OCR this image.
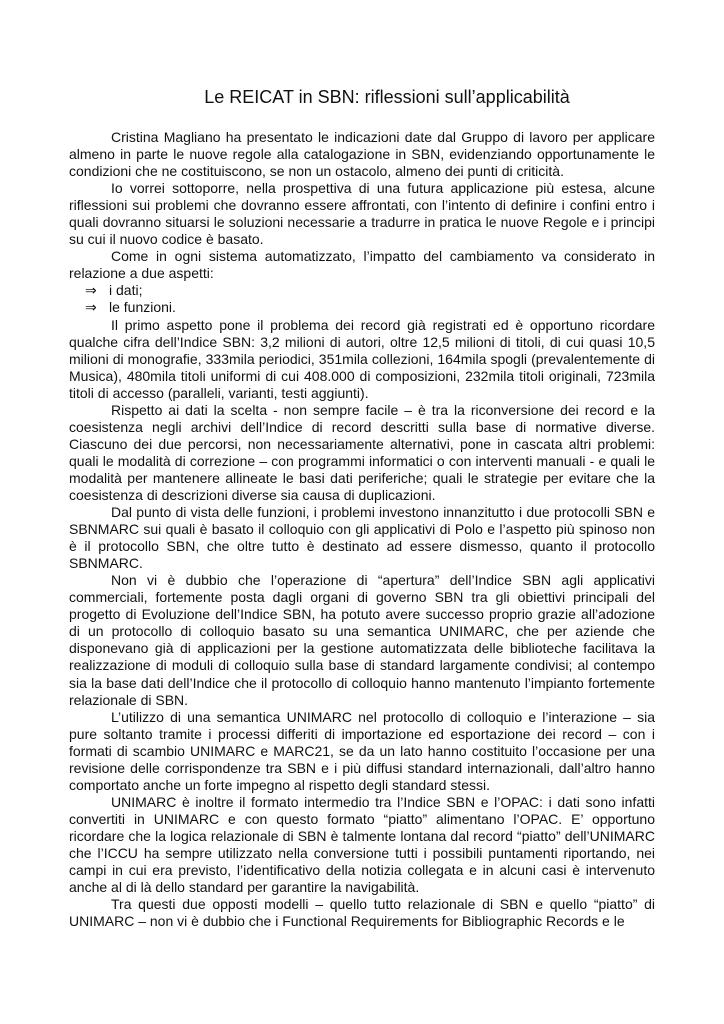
Le REICAT in SBN: riflessioni sull’applicabilità

Cristina Magliano ha presentato le indicazioni date dal Gruppo di lavoro per applicare almeno in parte le nuove regole alla catalogazione in SBN, evidenziando opportunamente le condizioni che ne costituiscono, se non un ostacolo, almeno dei punti di criticità.

Io vorrei sottoporre, nella prospettiva di una futura applicazione più estesa, alcune riflessioni sui problemi che dovranno essere affrontati, con l’intento di definire i confini entro i quali dovranno situarsi le soluzioni necessarie a tradurre in pratica le nuove Regole e i principi su cui il nuovo codice è basato.

Come in ogni sistema automatizzato, l’impatto del cambiamento va considerato in relazione a due aspetti:

⇒ i dati;
⇒ le funzioni.

Il primo aspetto pone il problema dei record già registrati ed è opportuno ricordare qualche cifra dell’Indice SBN: 3,2 milioni di autori, oltre 12,5 milioni di titoli, di cui quasi 10,5 milioni di monografie, 333mila periodici, 351mila collezioni, 164mila spogli (prevalentemente di Musica), 480mila titoli uniformi di cui 408.000 di composizioni, 232mila titoli originali, 723mila titoli di accesso (paralleli, varianti, testi aggiunti).

Rispetto ai dati la scelta - non sempre facile – è tra la riconversione dei record e la coesistenza negli archivi dell’Indice di record descritti sulla base di normative diverse. Ciascuno dei due percorsi, non necessariamente alternativi, pone in cascata altri problemi: quali le modalità di correzione – con programmi informatici o con interventi manuali - e quali le modalità per mantenere allineate le basi dati periferiche; quali le strategie per evitare che la coesistenza di descrizioni diverse sia causa di duplicazioni.

Dal punto di vista delle funzioni, i problemi investono innanzitutto i due protocolli SBN e SBNMARC sui quali è basato il colloquio con gli applicativi di Polo e l’aspetto più spinoso non è il protocollo SBN, che oltre tutto è destinato ad essere dismesso, quanto il protocollo SBNMARC.

Non vi è dubbio che l’operazione di “apertura” dell’Indice SBN agli applicativi commerciali, fortemente posta dagli organi di governo SBN tra gli obiettivi principali del progetto di Evoluzione dell’Indice SBN, ha potuto avere successo proprio grazie all’adozione di un protocollo di colloquio basato su una semantica UNIMARC, che per aziende che disponevano già di applicazioni per la gestione automatizzata delle biblioteche facilitava la realizzazione di moduli di colloquio sulla base di standard largamente condivisi; al contempo sia la base dati dell’Indice che il protocollo di colloquio hanno mantenuto l’impianto fortemente relazionale di SBN.

L’utilizzo di una semantica UNIMARC nel protocollo di colloquio e l’interazione – sia pure soltanto tramite i processi differiti di importazione ed esportazione dei record – con i formati di scambio UNIMARC e MARC21, se da un lato hanno costituito l’occasione per una revisione delle corrispondenze tra SBN e i più diffusi standard internazionali, dall’altro hanno comportato anche un forte impegno al rispetto degli standard stessi.

UNIMARC è inoltre il formato intermedio tra l’Indice SBN e l’OPAC: i dati sono infatti convertiti in UNIMARC e con questo formato “piatto” alimentano l’OPAC. E’ opportuno ricordare che la logica relazionale di SBN è talmente lontana dal record “piatto” dell’UNIMARC che l’ICCU ha sempre utilizzato nella conversione tutti i possibili puntamenti riportando, nei campi in cui era previsto, l’identificativo della notizia collegata e in alcuni casi è intervenuto anche al di là dello standard per garantire la navigabilità.

Tra questi due opposti modelli – quello tutto relazionale di SBN e quello “piatto” di UNIMARC – non vi è dubbio che i Functional Requirements for Bibliographic Records e le
